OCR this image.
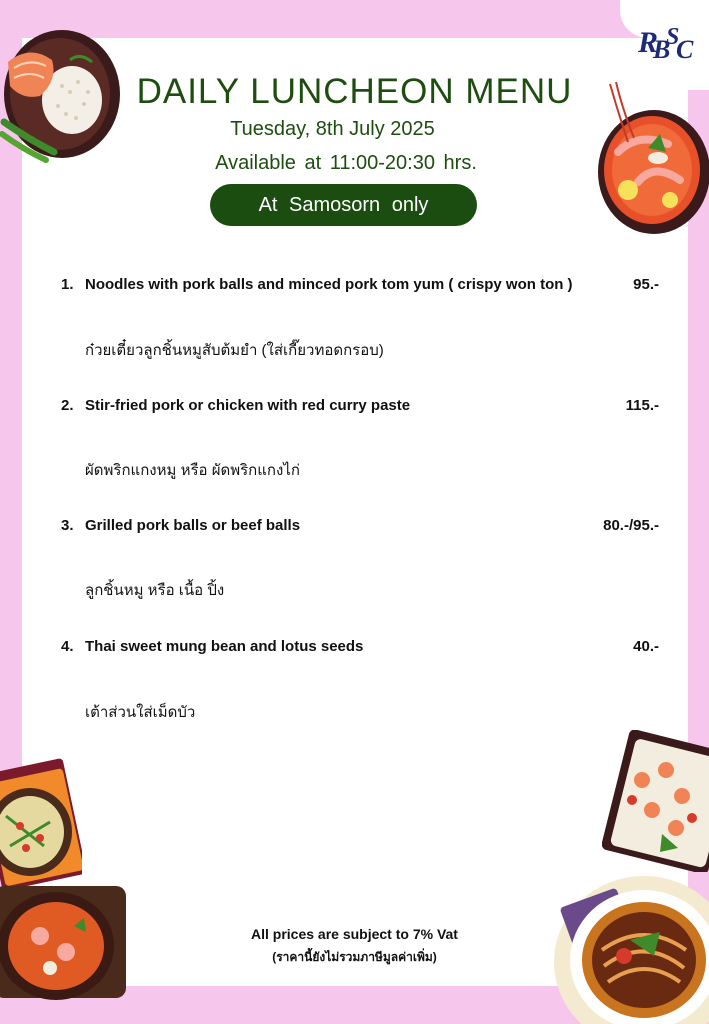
R
B
S
C
DAILY LUNCHEON MENU
Tuesday, 8th July 2025
Available at 11:00-20:30 hrs.
At Samosorn only
1. Noodles with pork balls and minced pork tom yum ( crispy won ton )	95.-
ก๋วยเตี๋ยวลูกชิ้นหมูสับต้มยำ (ใส่เกี๊ยวทอดกรอบ)
2. Stir-fried pork or chicken with red curry paste	115.-
ผัดพริกแกงหมู หรือ ผัดพริกแกงไก่
3. Grilled pork balls or beef balls	80.-/95.-
ลูกชิ้นหมู หรือ เนื้อ ปิ้ง
4. Thai sweet mung bean and lotus seeds	40.-
เต้าส่วนใส่เม็ดบัว
All prices are subject to 7% Vat
(ราคานี้ยังไม่รวมภาษีมูลค่าเพิ่ม)
